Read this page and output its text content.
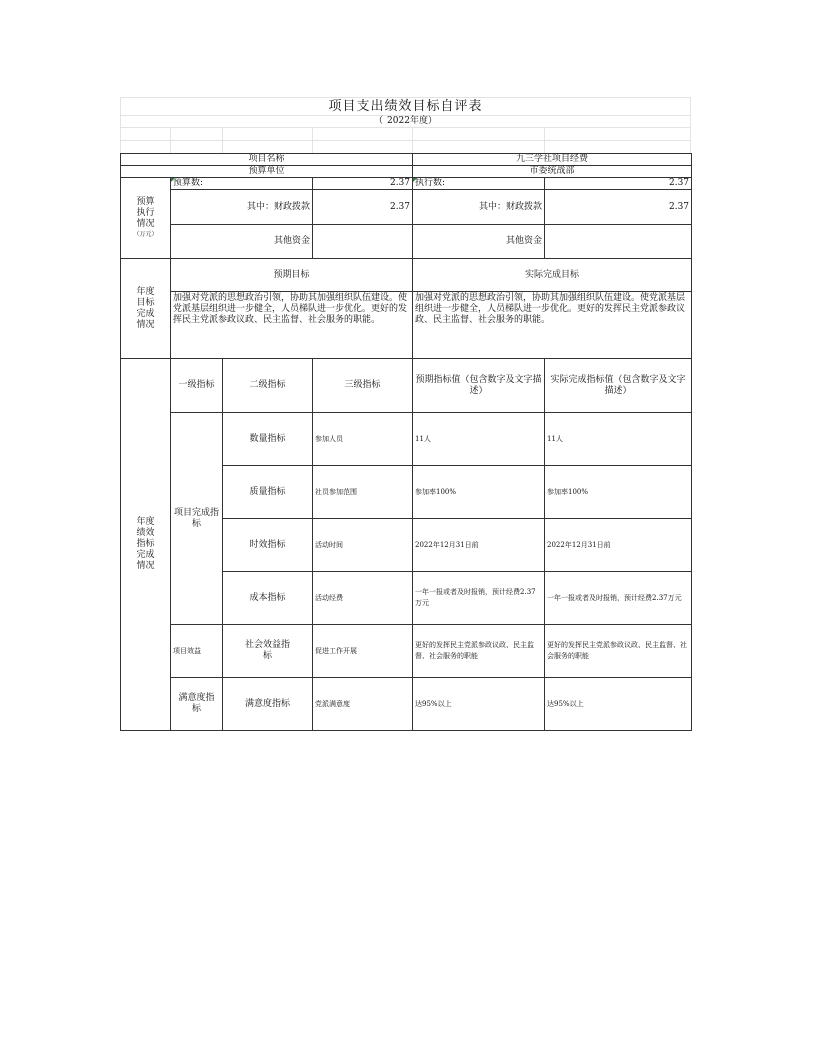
项目支出绩效目标自评表
（ 2022年度）
项目名称				九三学社项目经费	
预算单位				市委统战部	

预算执行情况
（万元）	预算数:		2.37	执行数:	2.37
	其中：财政拨款		2.37	其中：财政拨款	2.37
	其他资金			其他资金	

年度目标完成情况	预期目标			实际完成目标	
	加强对党派的思想政治引领，协助其加强组织队伍建设。使党派基层组织进一步健全，人员梯队进一步优化。更好的发挥民主党派参政议政、民主监督、社会服务的职能。			加强对党派的思想政治引领，协助其加强组织队伍建设。使党派基层组织进一步健全，人员梯队进一步优化。更好的发挥民主党派参政议政、民主监督、社会服务的职能。	

年度绩效指标完成情况	一级指标	二级指标	三级指标	预期指标值（包含数字及文字描述）	实际完成指标值（包含数字及文字描述）

	项目完成指标	数量指标	参加人员	11人	11人
		质量指标	社员参加范围	参加率100%	参加率100%
		时效指标	活动时间	2022年12月31日前	2022年12月31日前
		成本指标	活动经费	一年一报或者及时报销，预计经费2.37万元	一年一报或者及时报销，预计经费2.37万元
	项目效益	社会效益指标	促进工作开展	更好的发挥民主党派参政议政、民主监督、社会服务的职能	更好的发挥民主党派参政议政、民主监督、社会服务的职能

	满意度指标	满意度指标	党派满意度	达95%以上	达95%以上
